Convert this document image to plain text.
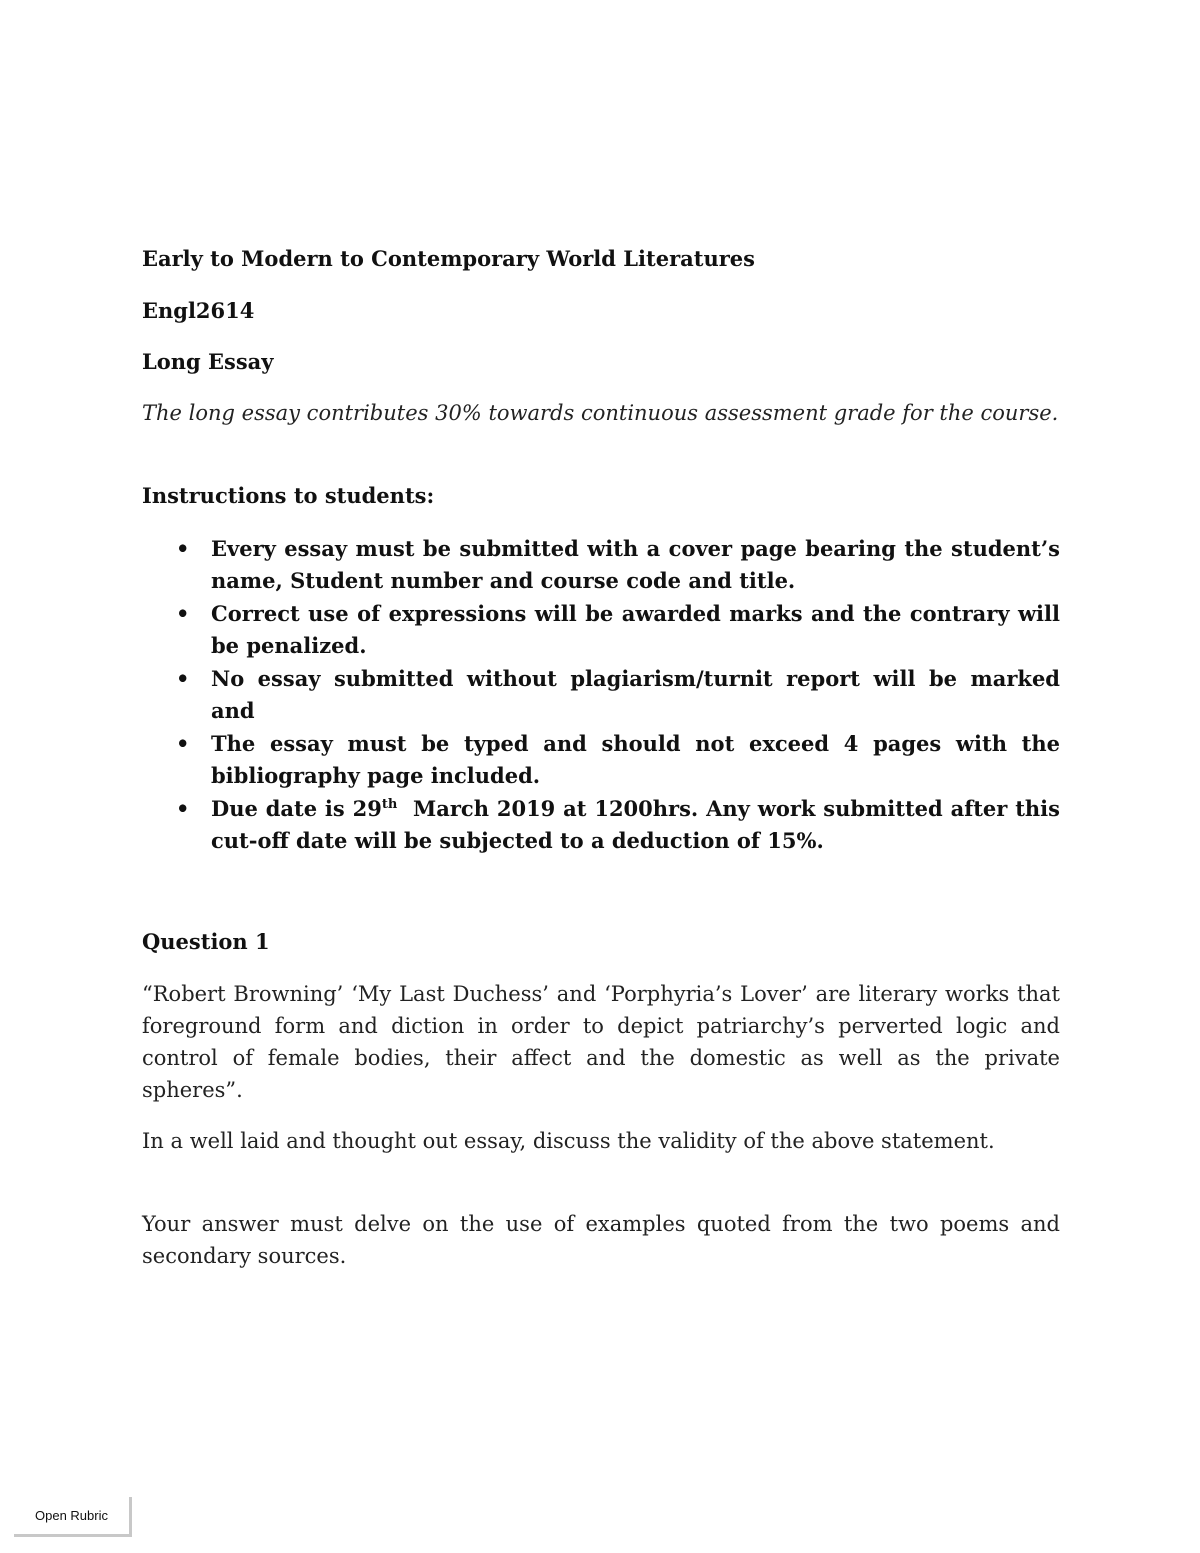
Early to Modern to Contemporary World Literatures

Engl2614

Long Essay

The long essay contributes 30% towards continuous assessment grade for the course.

Instructions to students:

• Every essay must be submitted with a cover page bearing the student’s name, Student number and course code and title.
• Correct use of expressions will be awarded marks and the contrary will be penalized.
• No essay submitted without plagiarism/turnit report will be marked and
• The essay must be typed and should not exceed 4 pages with the bibliography page included.
• Due date is 29th  March 2019 at 1200hrs. Any work submitted after this cut-off date will be subjected to a deduction of 15%.

Question 1

“Robert Browning’ ‘My Last Duchess’ and ‘Porphyria’s Lover’ are literary works that foreground form and diction in order to depict patriarchy’s perverted logic and control of female bodies, their affect and the domestic as well as the private spheres”.

In a well laid and thought out essay, discuss the validity of the above statement.

Your answer must delve on the use of examples quoted from the two poems and secondary sources.

Open Rubric
